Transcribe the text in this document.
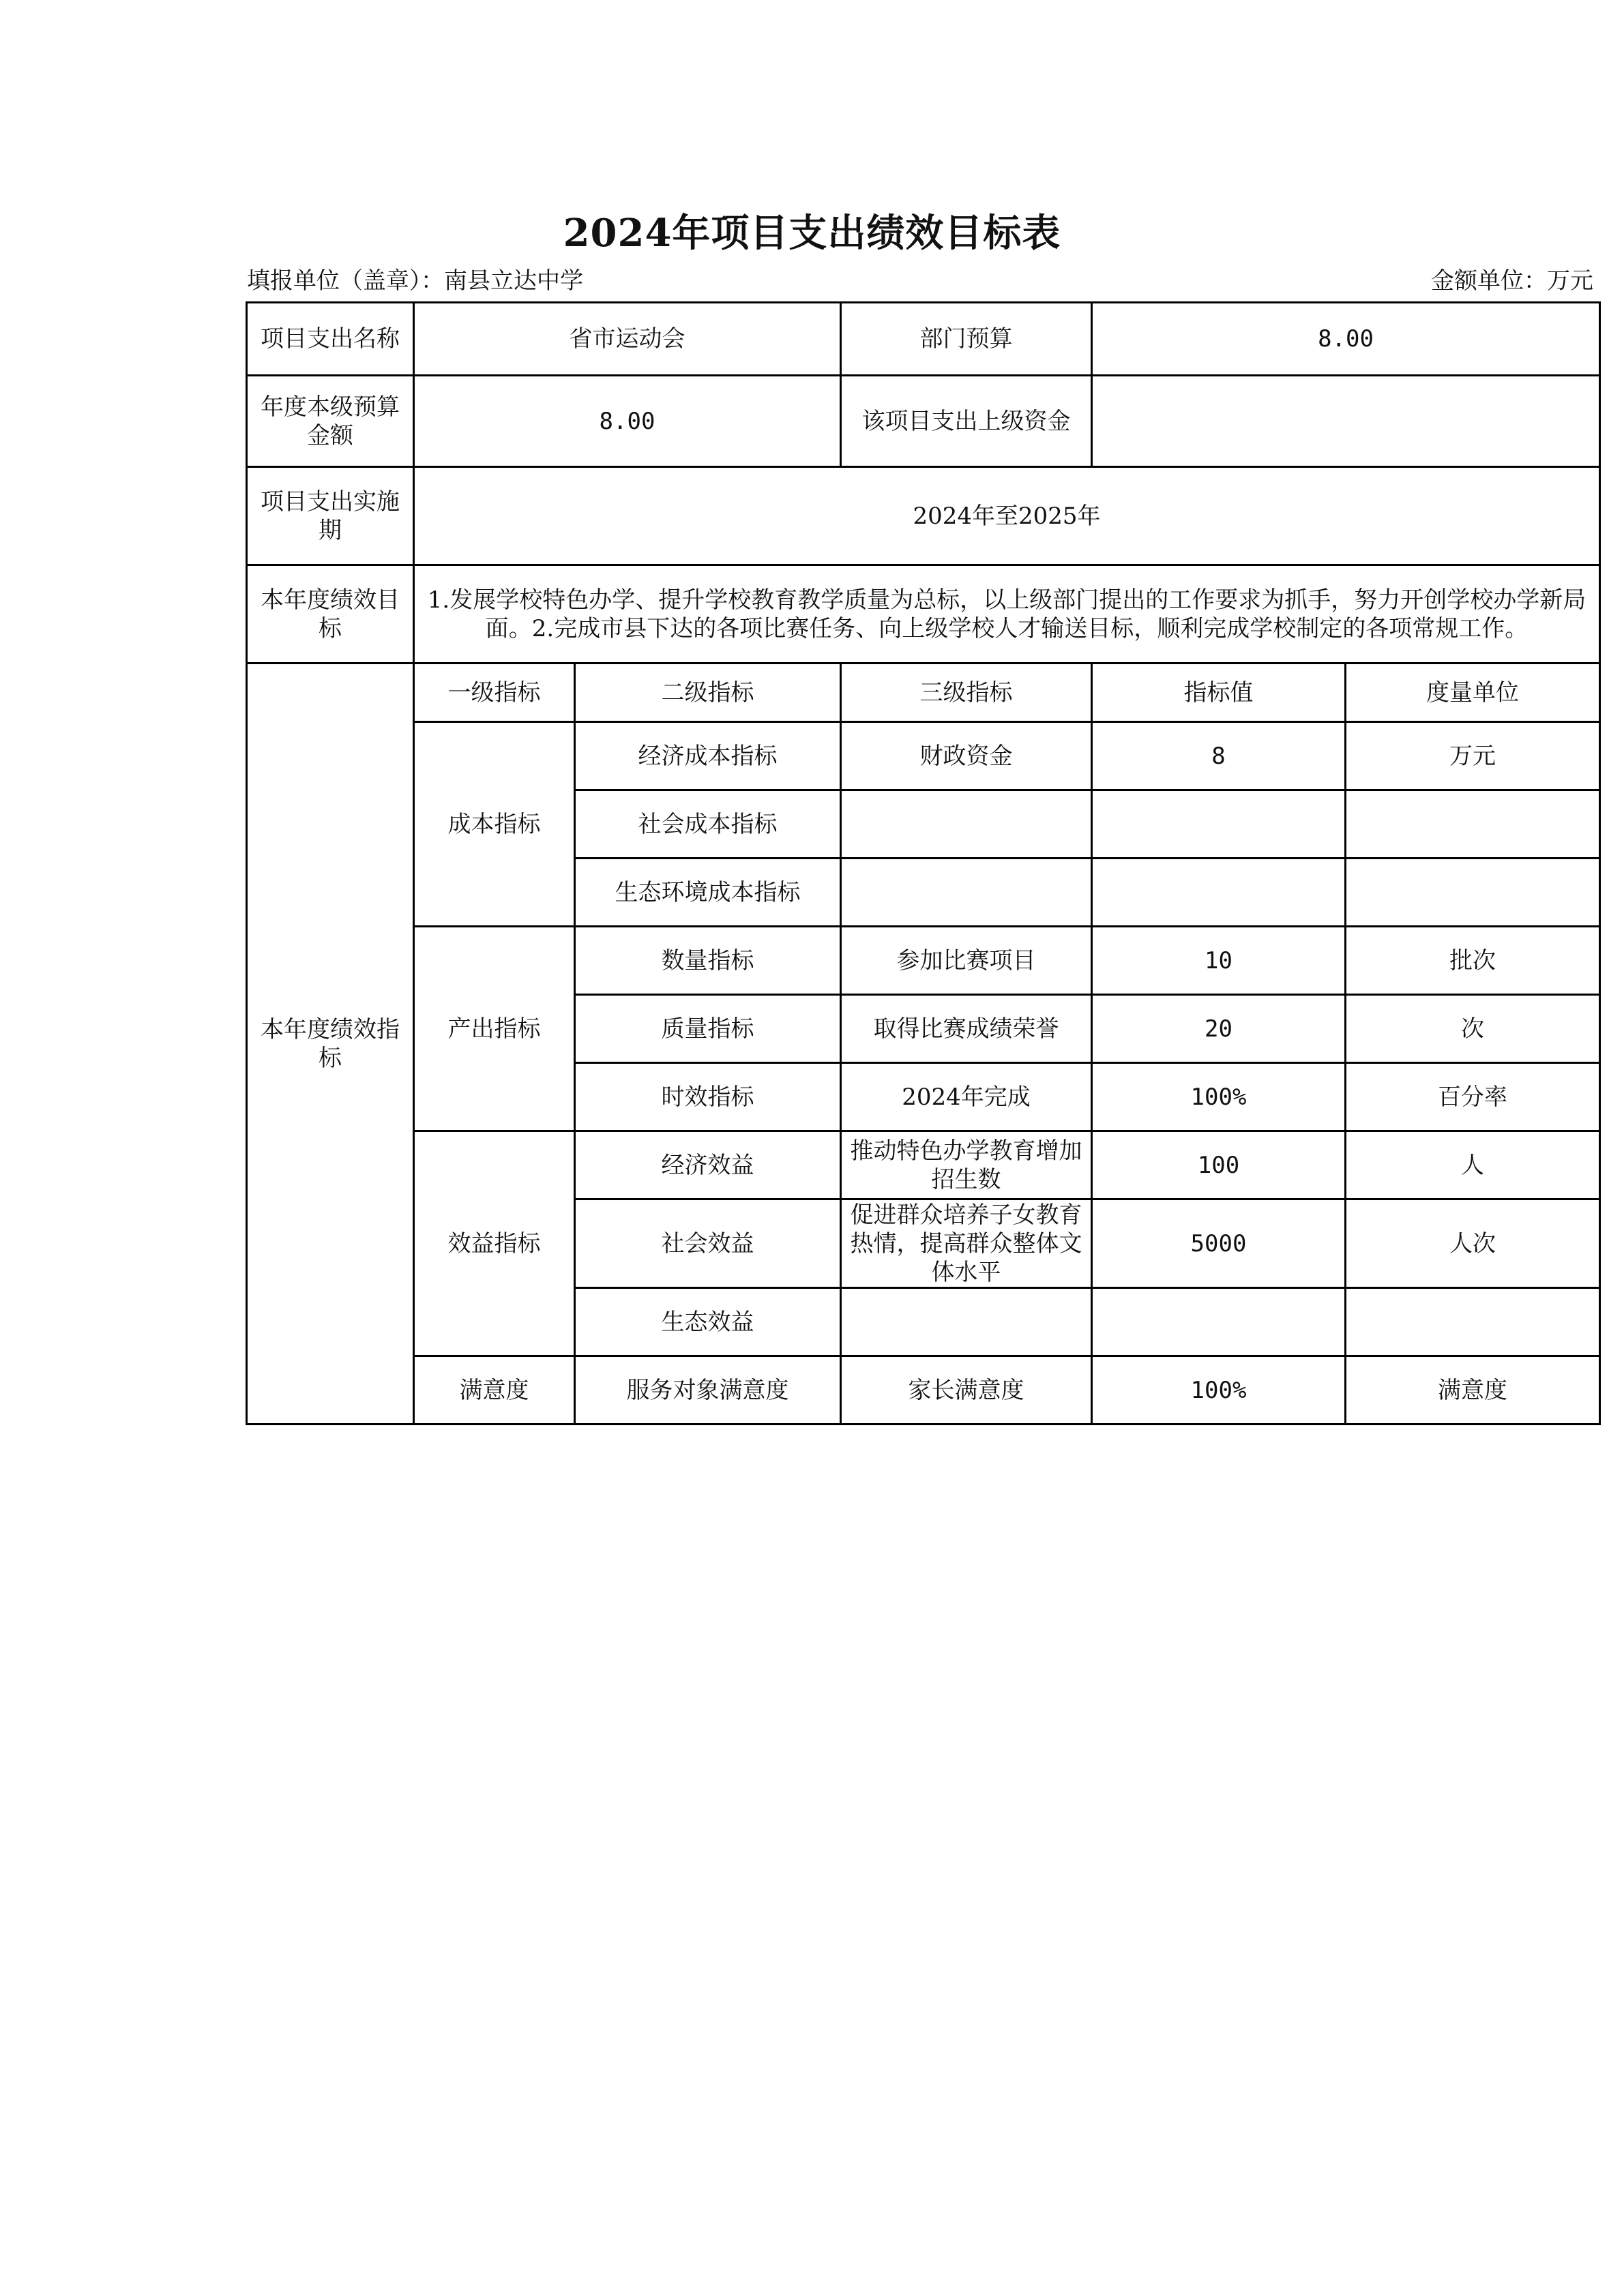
2024年项目支出绩效目标表
填报单位（盖章）：南县立达中学	金额单位：万元
项目支出名称	省市运动会		部门预算	8.00	
年度本级预算金额	8.00		该项目支出上级资金		
项目支出实施期	2024年至2025年				
本年度绩效目标	1.发展学校特色办学、提升学校教育教学质量为总标，以上级部门提出的工作要求为抓手，努力开创学校办学新局面。2.完成市县下达的各项比赛任务、向上级学校人才输送目标，顺利完成学校制定的各项常规工作。				
本年度绩效指标	一级指标	二级指标	三级指标	指标值	度量单位
	成本指标	经济成本指标	财政资金	8	万元
		社会成本指标			
		生态环境成本指标			
	产出指标	数量指标	参加比赛项目	10	批次
		质量指标	取得比赛成绩荣誉	20	次
		时效指标	2024年完成	100%	百分率
	效益指标	经济效益	推动特色办学教育增加招生数	100	人
		社会效益	促进群众培养子女教育热情，提高群众整体文体水平	5000	人次
		生态效益			
	满意度	服务对象满意度	家长满意度	100%	满意度
